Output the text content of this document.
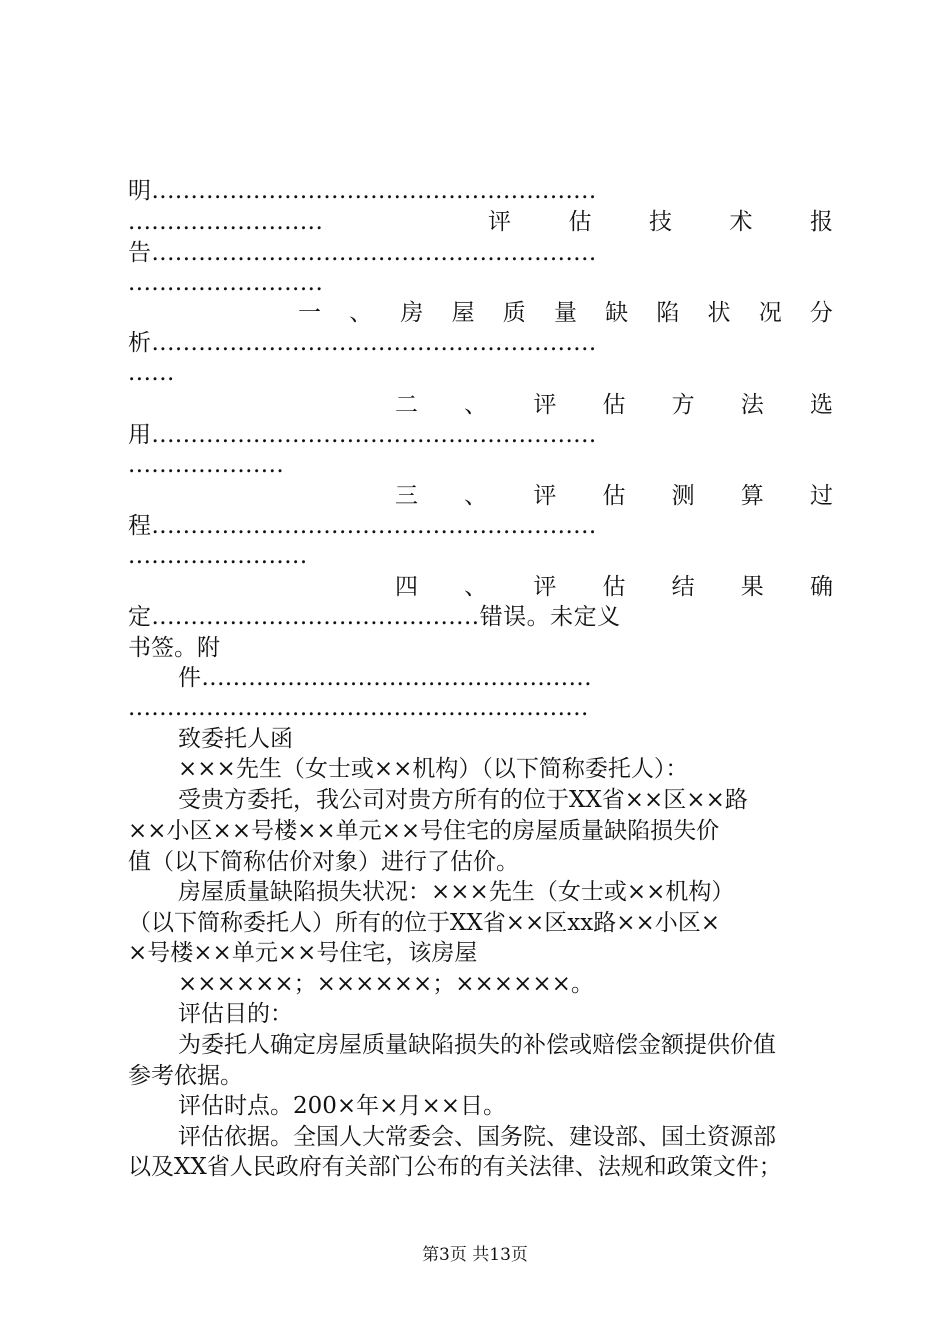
明.........................................................
.........................	评	估	技	术	报
告.........................................................
.........................
一 、 房 屋 质 量 缺 陷 状 况 分
析.........................................................
......
二 、 评 估 方 法 选
用.........................................................
....................
三 、 评 估 测 算 过
程.........................................................
.......................
四 、 评 估 结 果 确
定..........................................错误。未定义
书签。附
件..................................................
...........................................................
致委托人函
×××先生（女士或××机构）（以下简称委托人）：
受贵方委托，我公司对贵方所有的位于XX省××区××路
××小区××号楼××单元××号住宅的房屋质量缺陷损失价
值（以下简称估价对象）进行了估价。
房屋质量缺陷损失状况：×××先生（女士或××机构）
（以下简称委托人）所有的位于XX省××区xx路××小区×
×号楼××单元××号住宅，该房屋
××××××；××××××；××××××。
评估目的：
为委托人确定房屋质量缺陷损失的补偿或赔偿金额提供价值
参考依据。
评估时点。200×年×月××日。
评估依据。全国人大常委会、国务院、建设部、国土资源部
以及XX省人民政府有关部门公布的有关法律、法规和政策文件；
第3页 共13页
